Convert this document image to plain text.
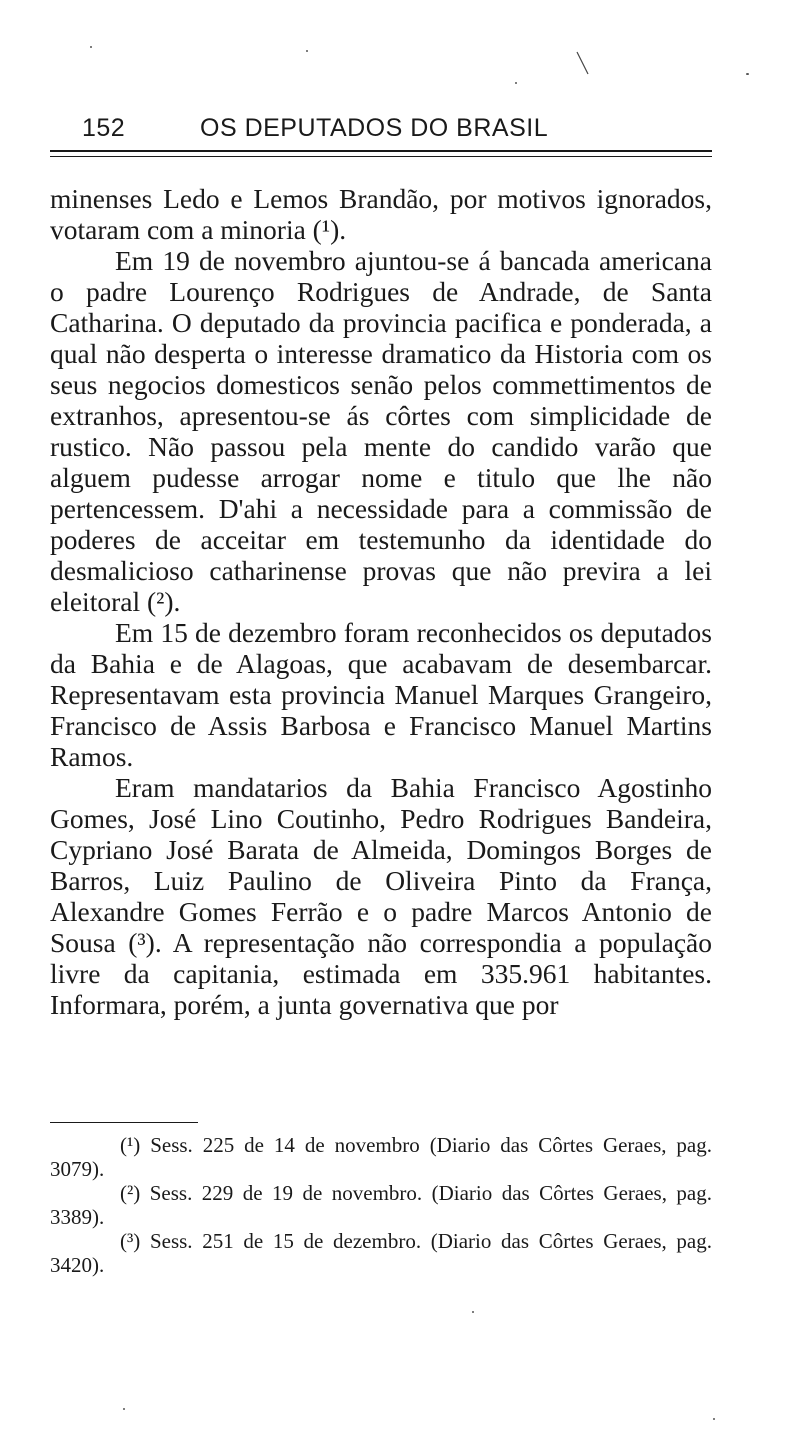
152	OS DEPUTADOS DO BRASIL

minenses Ledo e Lemos Brandão, por motivos ignorados, votaram com a minoria (¹).

Em 19 de novembro ajuntou-se á bancada americana o padre Lourenço Rodrigues de Andrade, de Santa Catharina. O deputado da provincia pacifica e ponderada, a qual não desperta o interesse dramatico da Historia com os seus negocios domesticos senão pelos commettimentos de extranhos, apresentou-se ás côrtes com simplicidade de rustico. Não passou pela mente do candido varão que alguem pudesse arrogar nome e titulo que lhe não pertencessem. D'ahi a necessidade para a commissão de poderes de acceitar em testemunho da identidade do desmalicioso catharinense provas que não previra a lei eleitoral (²).

Em 15 de dezembro foram reconhecidos os deputados da Bahia e de Alagoas, que acabavam de desembarcar. Representavam esta provincia Manuel Marques Grangeiro, Francisco de Assis Barbosa e Francisco Manuel Martins Ramos.

Eram mandatarios da Bahia Francisco Agostinho Gomes, José Lino Coutinho, Pedro Rodrigues Bandeira, Cypriano José Barata de Almeida, Domingos Borges de Barros, Luiz Paulino de Oliveira Pinto da França, Alexandre Gomes Ferrão e o padre Marcos Antonio de Sousa (³). A representação não correspondia a população livre da capitania, estimada em 335.961 habitantes. Informara, porém, a junta governativa que por

(¹) Sess. 225 de 14 de novembro (Diario das Côrtes Geraes, pag. 3079).

(²) Sess. 229 de 19 de novembro. (Diario das Côrtes Geraes, pag. 3389).

(³) Sess. 251 de 15 de dezembro. (Diario das Côrtes Geraes, pag. 3420).
